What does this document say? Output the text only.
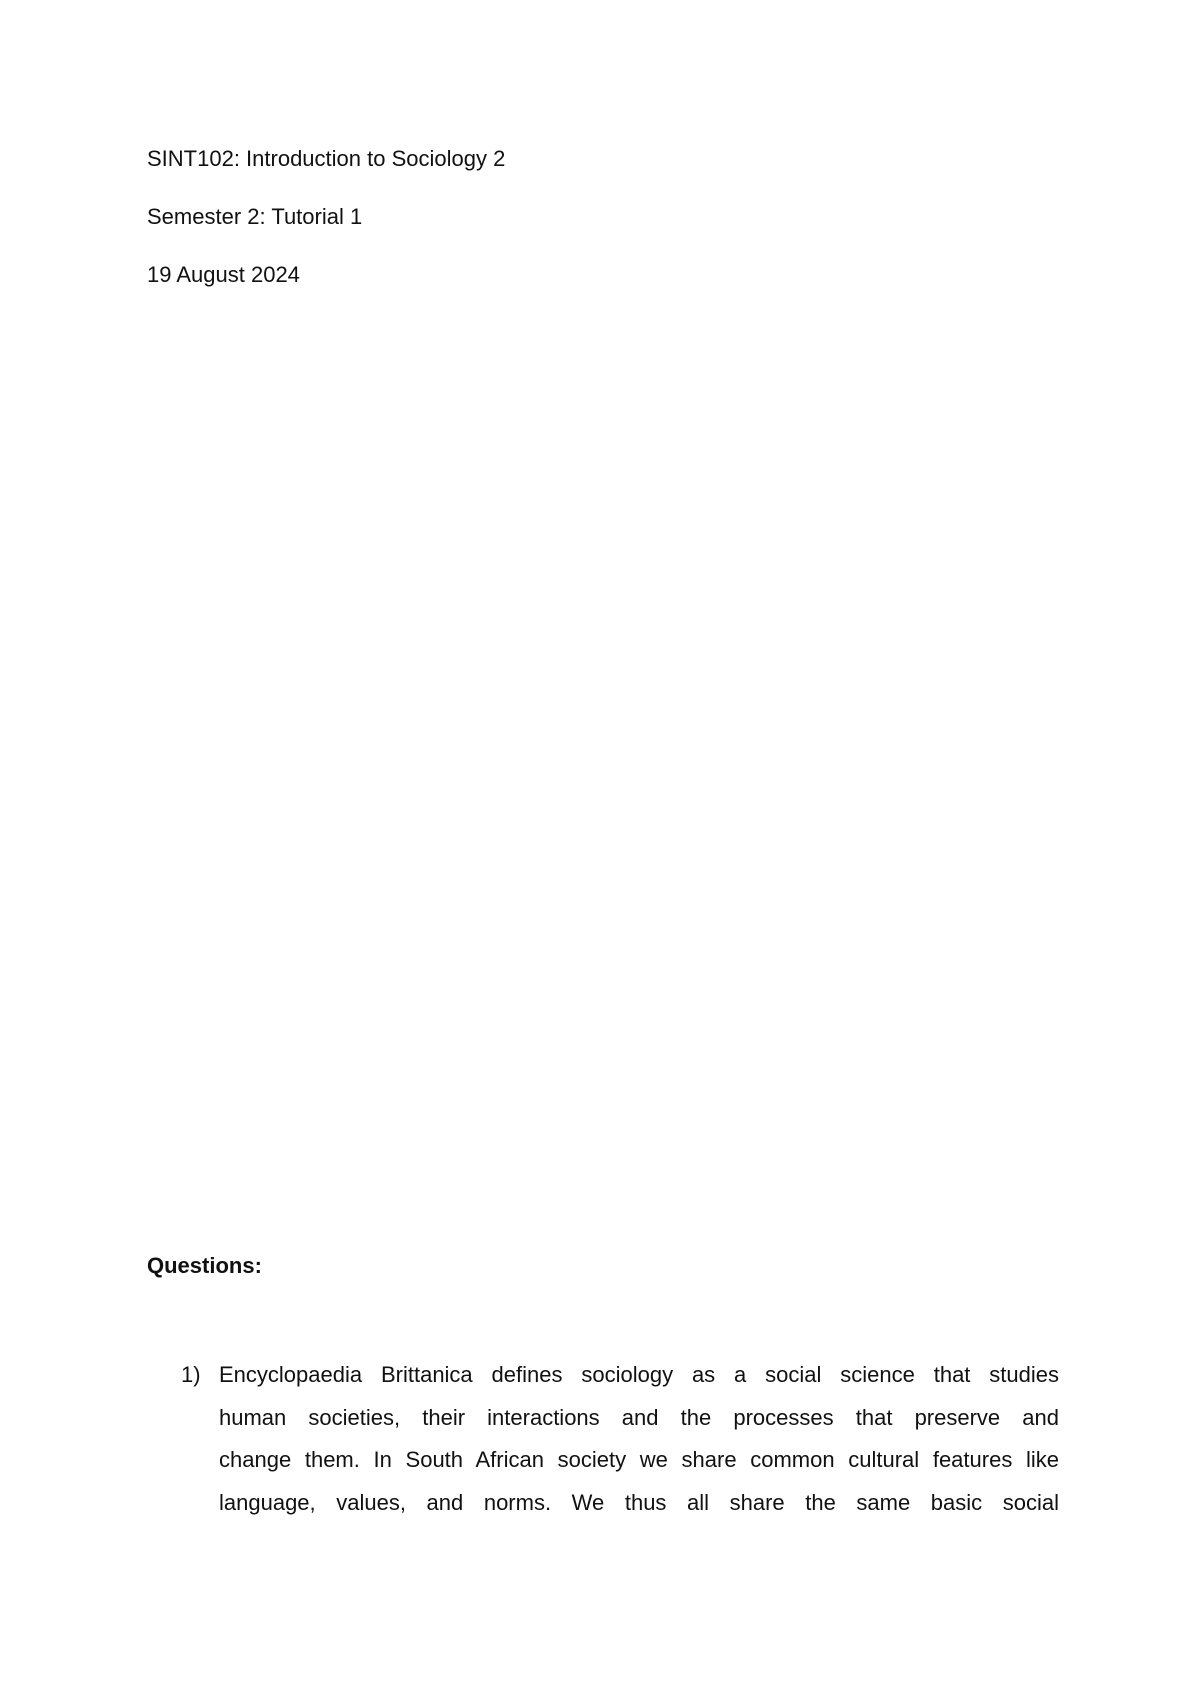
SINT102: Introduction to Sociology 2
Semester 2: Tutorial 1
19 August 2024
Questions:
1) Encyclopaedia Brittanica defines sociology as a social science that studies
human societies, their interactions and the processes that preserve and
change them. In South African society we share common cultural features like
language, values, and norms. We thus all share the same basic social
